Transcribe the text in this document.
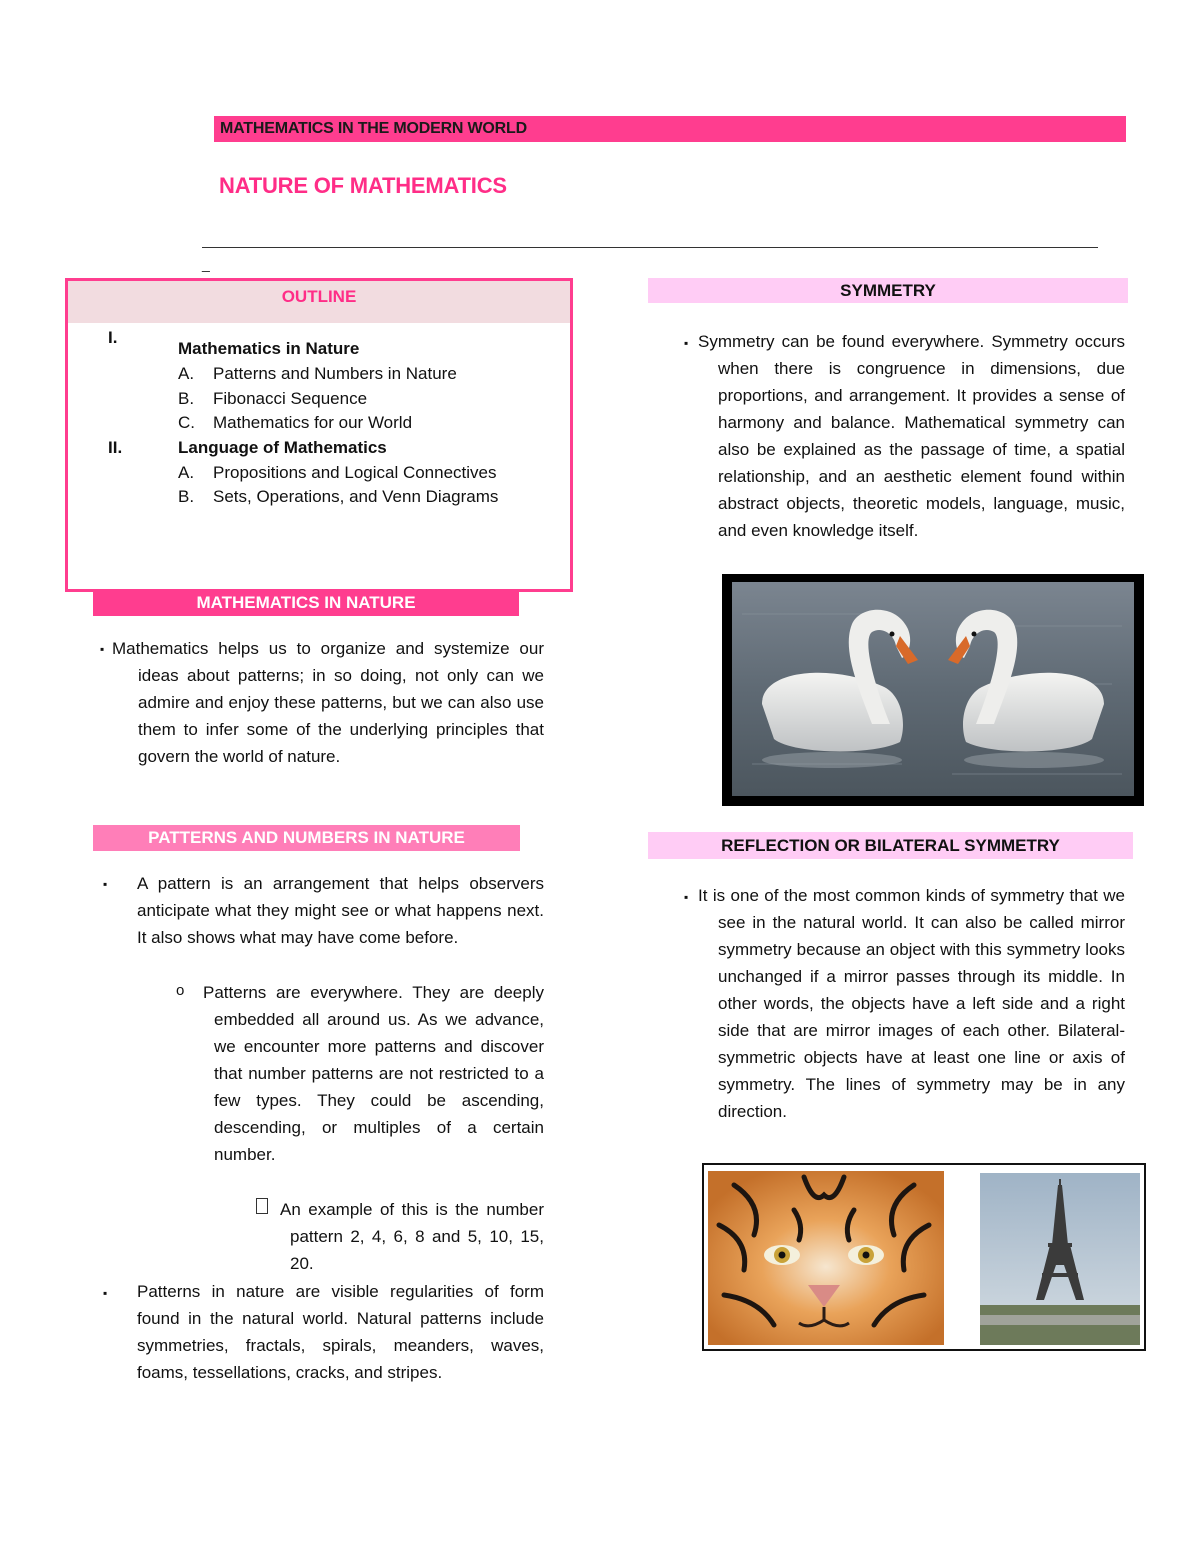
MATHEMATICS IN THE MODERN WORLD
NATURE OF MATHEMATICS
_
OUTLINE
I.
Mathematics in Nature
A. Patterns and Numbers in Nature
B. Fibonacci Sequence
C. Mathematics for our World
II.	Language of Mathematics
A. Propositions and Logical Connectives
B. Sets, Operations, and Venn Diagrams
MATHEMATICS IN NATURE
▪ Mathematics helps us to organize and systemize our ideas about patterns; in so doing, not only can we admire and enjoy these patterns, but we can also use them to infer some of the underlying principles that govern the world of nature.
PATTERNS AND NUMBERS IN NATURE
▪ A pattern is an arrangement that helps observers anticipate what they might see or what happens next. It also shows what may have come before.
o Patterns are everywhere. They are deeply embedded all around us. As we advance, we encounter more patterns and discover that number patterns are not restricted to a few types. They could be ascending, descending, or multiples of a certain number.
An example of this is the number pattern 2, 4, 6, 8 and 5, 10, 15, 20.
▪ Patterns in nature are visible regularities of form found in the natural world. Natural patterns include symmetries, fractals, spirals, meanders, waves, foams, tessellations, cracks, and stripes.
SYMMETRY
▪ Symmetry can be found everywhere. Symmetry occurs when there is congruence in dimensions, due proportions, and arrangement. It provides a sense of harmony and balance. Mathematical symmetry can also be explained as the passage of time, a spatial relationship, and an aesthetic element found within abstract objects, theoretic models, language, music, and even knowledge itself.
REFLECTION OR BILATERAL SYMMETRY
▪ It is one of the most common kinds of symmetry that we see in the natural world. It can also be called mirror symmetry because an object with this symmetry looks unchanged if a mirror passes through its middle. In other words, the objects have a left side and a right side that are mirror images of each other. Bilateral-symmetric objects have at least one line or axis of symmetry. The lines of symmetry may be in any direction.
